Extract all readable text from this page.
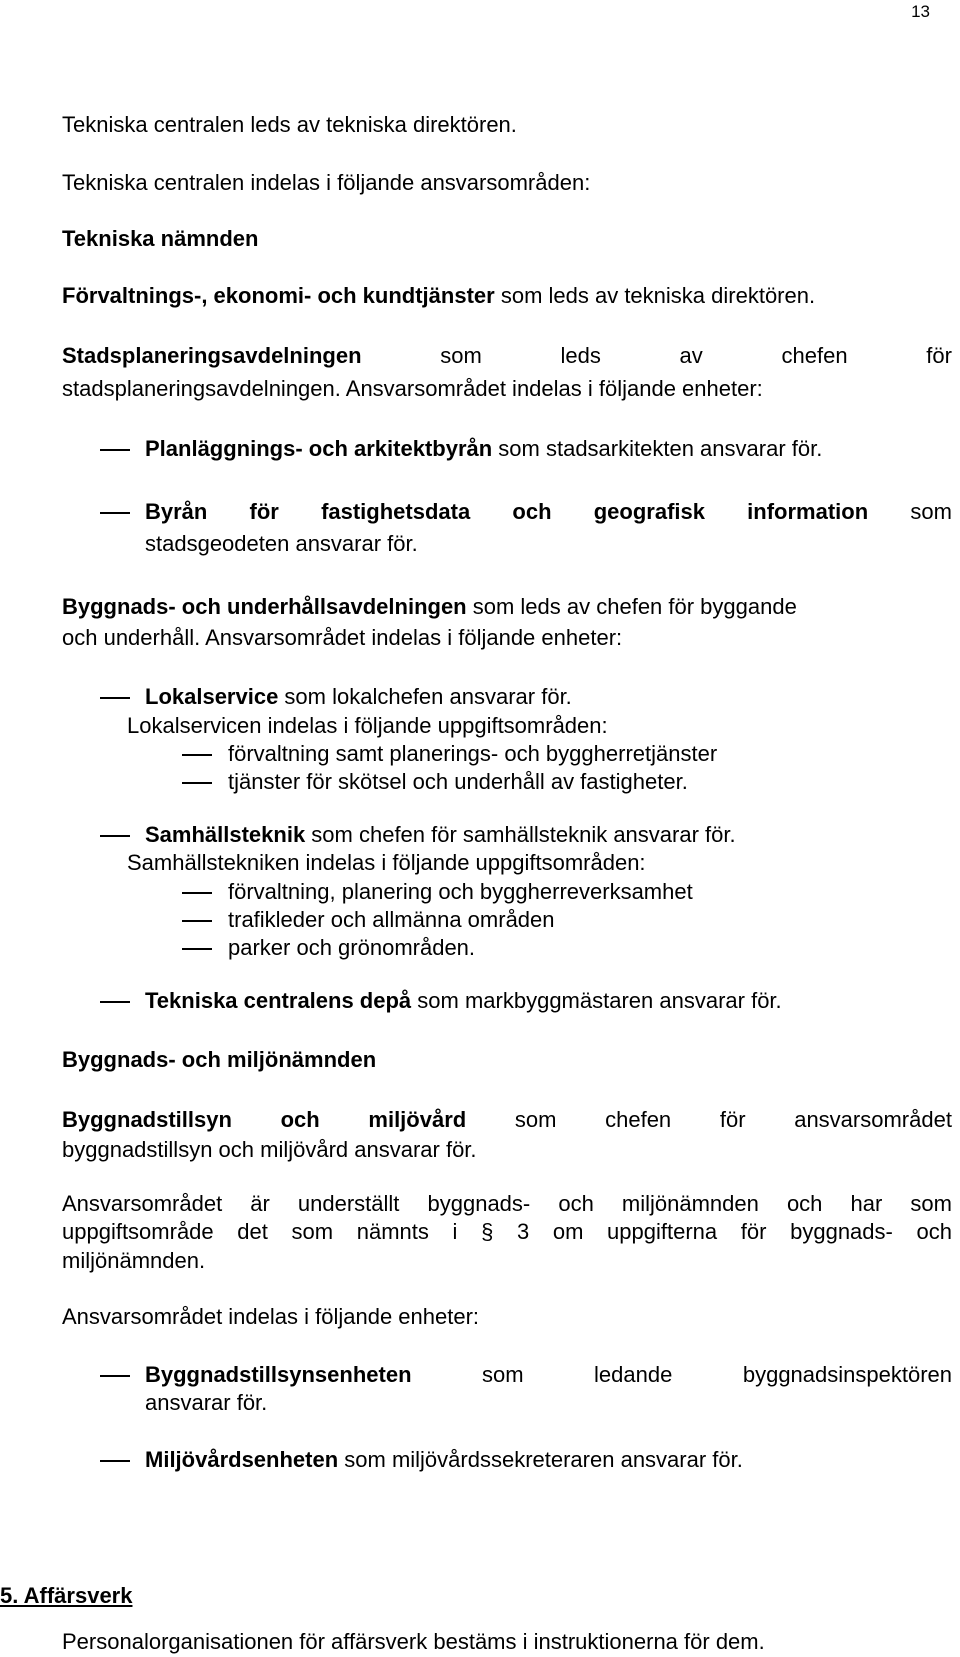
13
Tekniska centralen leds av tekniska direktören.
Tekniska centralen indelas i följande ansvarsområden:
Tekniska nämnden
Förvaltnings-, ekonomi- och kundtjänster som leds av tekniska direktören.
Stadsplaneringsavdelningen	som	leds	av	chefen	för
stadsplaneringsavdelningen. Ansvarsområdet indelas i följande enheter:
Planläggnings- och arkitektbyrån som stadsarkitekten ansvarar för.
Byrån för fastighetsdata och geografisk information som
stadsgeodeten ansvarar för.
Byggnads- och underhållsavdelningen som leds av chefen för byggande
och underhåll. Ansvarsområdet indelas i följande enheter:
Lokalservice som lokalchefen ansvarar för.
Lokalservicen indelas i följande uppgiftsområden:
förvaltning samt planerings- och byggherretjänster
tjänster för skötsel och underhåll av fastigheter.
Samhällsteknik som chefen för samhällsteknik ansvarar för.
Samhällstekniken indelas i följande uppgiftsområden:
förvaltning, planering och byggherreverksamhet
trafikleder och allmänna områden
parker och grönområden.
Tekniska centralens depå som markbyggmästaren ansvarar för.
Byggnads- och miljönämnden
Byggnadstillsyn och miljövård som chefen för ansvarsområdet
byggnadstillsyn och miljövård ansvarar för.
Ansvarsområdet är underställt byggnads- och miljönämnden och har som
uppgiftsområde det som nämnts i § 3 om uppgifterna för byggnads- och
miljönämnden.
Ansvarsområdet indelas i följande enheter:
Byggnadstillsynsenheten	som	ledande	byggnadsinspektören
ansvarar för.
Miljövårdsenheten som miljövårdssekreteraren ansvarar för.
5. Affärsverk
Personalorganisationen för affärsverk bestäms i instruktionerna för dem.
